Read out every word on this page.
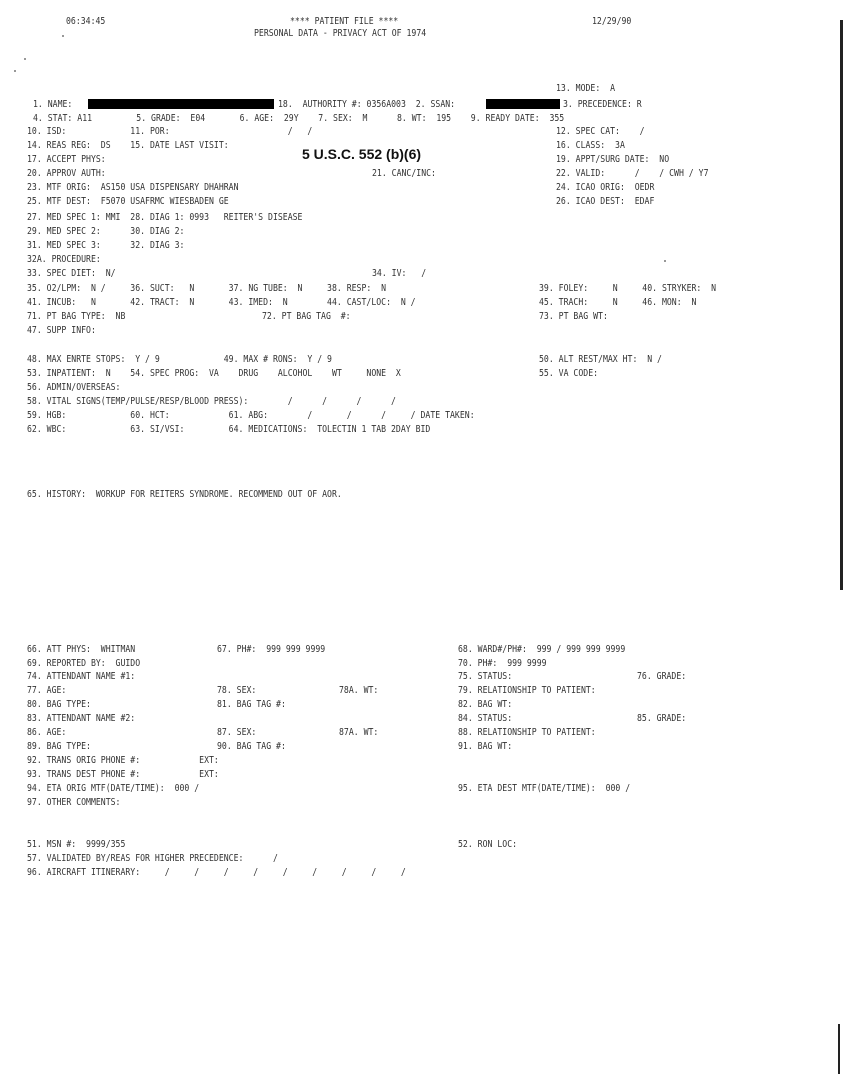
06:34:45	**** PATIENT FILE ****
PERSONAL DATA - PRIVACY ACT OF 1974
12/29/90
5 U.S.C. 552 (b)(6)
13. MODE:  A
1. NAME:	18.  AUTHORITY #: 0356A003  2. SSAN:	3. PRECEDENCE: R
4. STAT: A11         5. GRADE:  E04       6. AGE:  29Y    7. SEX:  M      8. WT:  195    9. READY DATE:  355
10. ISD:             11. POR:                        /   /	12. SPEC CAT:    /
14. REAS REG:  DS    15. DATE LAST VISIT:	16. CLASS:  3A
17. ACCEPT PHYS:	19. APPT/SURG DATE:  NO
20. APPROV AUTH:	21. CANC/INC:	22. VALID:      /    / CWH / Y7
23. MTF ORIG:  AS150 USA DISPENSARY DHAHRAN	24. ICAO ORIG:  OEDR
25. MTF DEST:  F5070 USAFRMC WIESBADEN GE	26. ICAO DEST:  EDAF
27. MED SPEC 1: MMI  28. DIAG 1: 0993   REITER'S DISEASE
29. MED SPEC 2:      30. DIAG 2:
31. MED SPEC 3:      32. DIAG 3:
32A. PROCEDURE:
33. SPEC DIET:  N/	34. IV:   /
35. O2/LPM:  N /     36. SUCT:   N       37. NG TUBE:  N     38. RESP:  N	39. FOLEY:     N     40. STRYKER:  N
41. INCUB:   N       42. TRACT:  N       43. IMED:  N        44. CAST/LOC:  N /	45. TRACH:     N     46. MON:  N
71. PT BAG TYPE:  NB	72. PT BAG TAG  #:	73. PT BAG WT:
47. SUPP INFO:
48. MAX ENRTE STOPS:  Y / 9             49. MAX # RONS:  Y / 9	50. ALT REST/MAX HT:  N /
53. INPATIENT:  N    54. SPEC PROG:  VA    DRUG    ALCOHOL    WT     NONE  X	55. VA CODE:
56. ADMIN/OVERSEAS:
58. VITAL SIGNS(TEMP/PULSE/RESP/BLOOD PRESS):        /      /      /      /
59. HGB:             60. HCT:            61. ABG:        /       /      /     / DATE TAKEN:
62. WBC:             63. SI/VSI:         64. MEDICATIONS:  TOLECTIN 1 TAB 2DAY BID
65. HISTORY:  WORKUP FOR REITERS SYNDROME. RECOMMEND OUT OF AOR.
66. ATT PHYS:  WHITMAN	67. PH#:  999 999 9999	68. WARD#/PH#:  999 / 999 999 9999
69. REPORTED BY:  GUIDO	70. PH#:  999 9999
74. ATTENDANT NAME #1:	75. STATUS:	76. GRADE:
77. AGE:	78. SEX:	78A. WT:	79. RELATIONSHIP TO PATIENT:
80. BAG TYPE:	81. BAG TAG #:	82. BAG WT:
83. ATTENDANT NAME #2:	84. STATUS:	85. GRADE:
86. AGE:	87. SEX:	87A. WT:	88. RELATIONSHIP TO PATIENT:
89. BAG TYPE:	90. BAG TAG #:	91. BAG WT:
92. TRANS ORIG PHONE #:            EXT:
93. TRANS DEST PHONE #:            EXT:
94. ETA ORIG MTF(DATE/TIME):  000 /	95. ETA DEST MTF(DATE/TIME):  000 /
97. OTHER COMMENTS:
51. MSN #:  9999/355	52. RON LOC:
57. VALIDATED BY/REAS FOR HIGHER PRECEDENCE:      /
96. AIRCRAFT ITINERARY:     /     /     /     /     /     /     /     /     /
